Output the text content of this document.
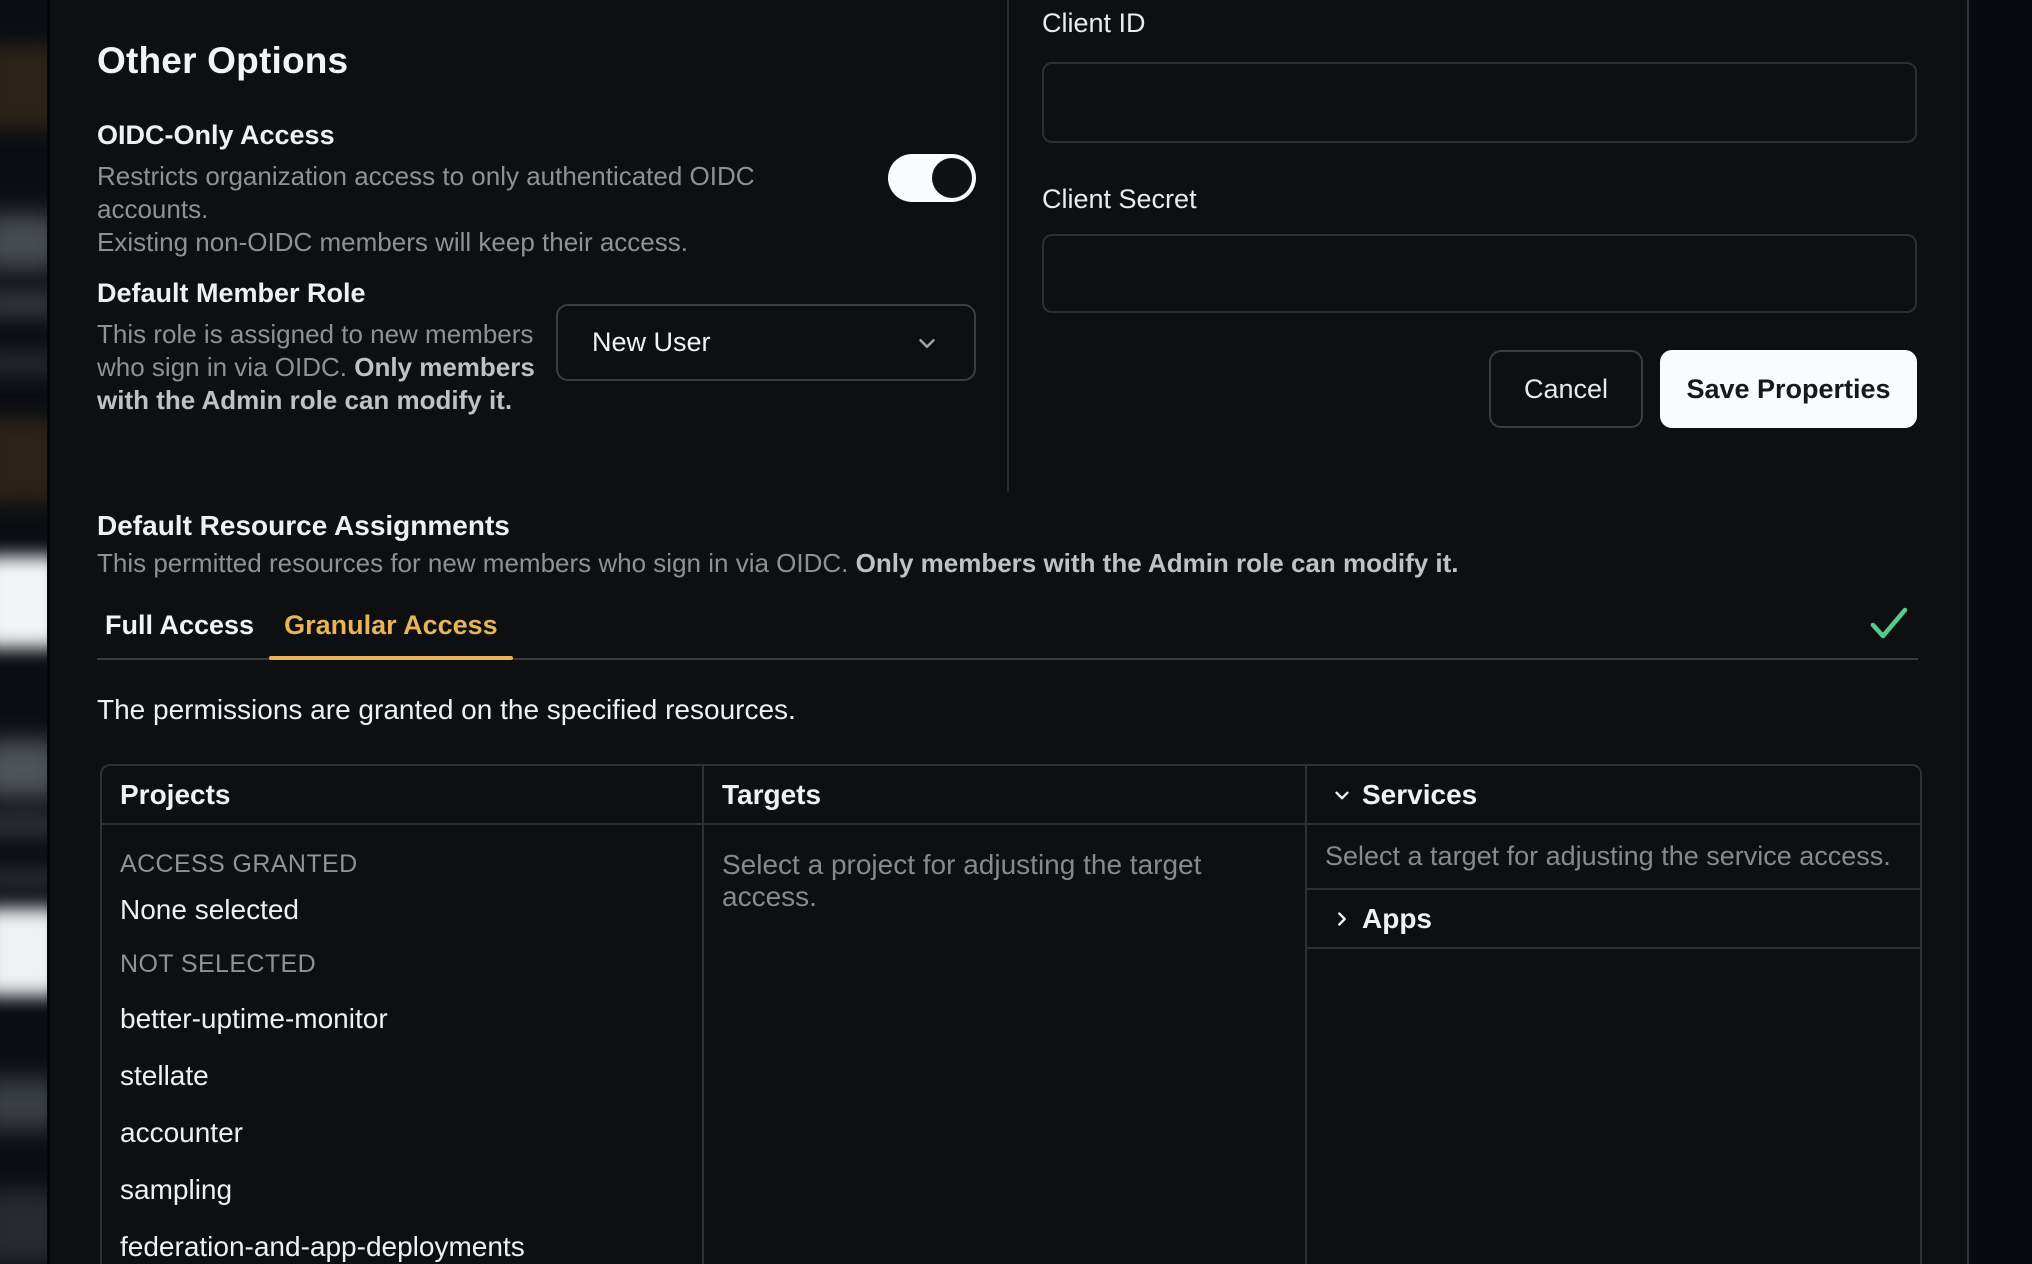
Other Options
OIDC-Only Access
Restricts organization access to only authenticated OIDC accounts.
Existing non-OIDC members will keep their access.
Default Member Role
This role is assigned to new members who sign in via OIDC. Only members with the Admin role can modify it.
New User
Client ID
Client Secret
Cancel	Save Properties
Default Resource Assignments
This permitted resources for new members who sign in via OIDC. Only members with the Admin role can modify it.
Full Access	Granular Access
The permissions are granted on the specified resources.
Projects
ACCESS GRANTED
None selected
NOT SELECTED
better-uptime-monitor
stellate
accounter
sampling
federation-and-app-deployments
Targets
Select a project for adjusting the target access.
Services
Select a target for adjusting the service access.
Apps
